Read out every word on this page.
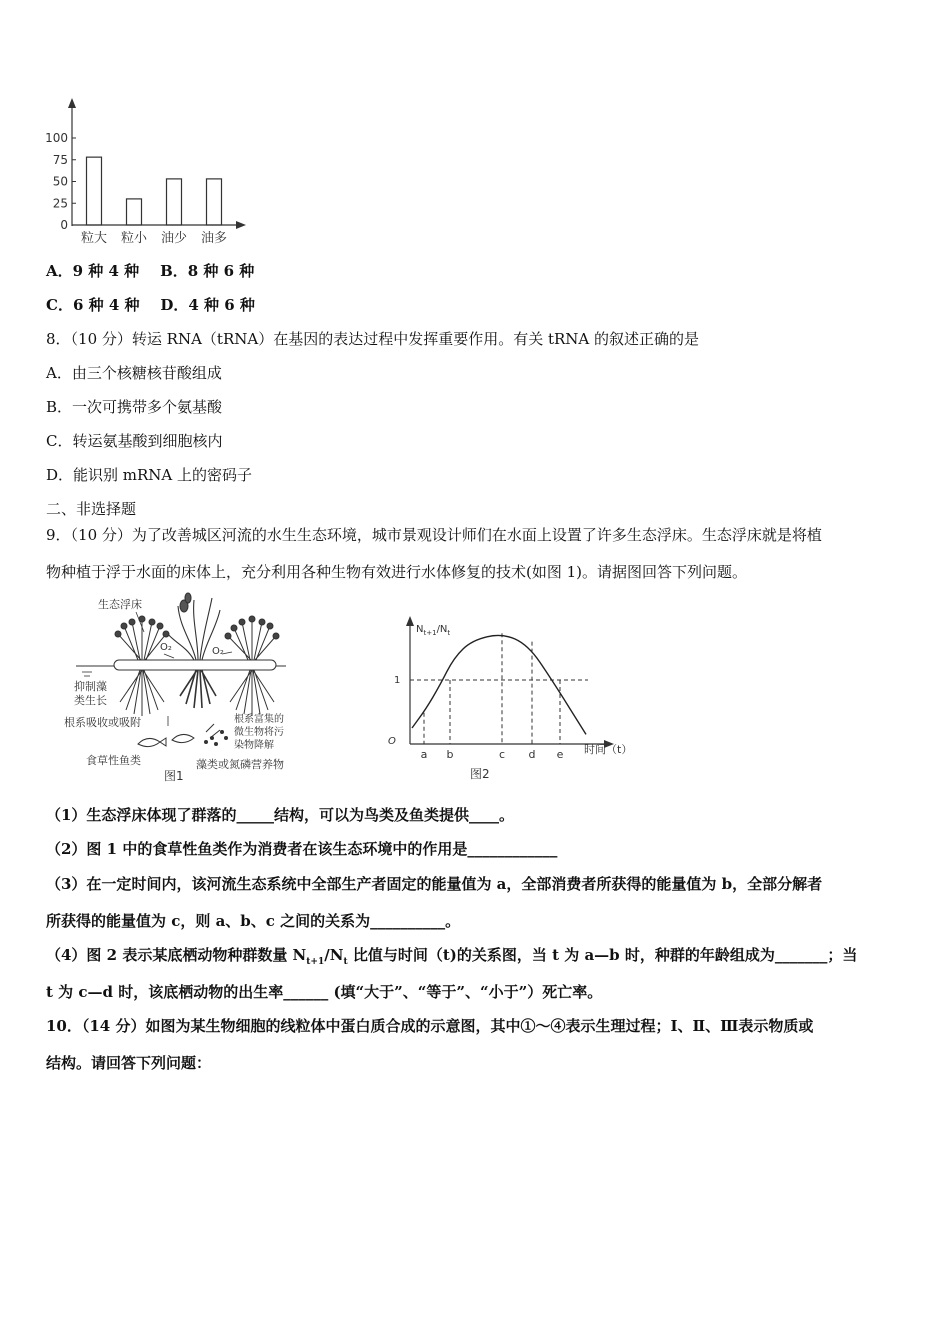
100
75
50
25
0
粒大 粒小 油少 油多
A．9 种 4 种 B．8 种 6 种
C．6 种 4 种 D．4 种 6 种
8．（10 分）转运 RNA（tRNA）在基因的表达过程中发挥重要作用。有关 tRNA 的叙述正确的是
A．由三个核糖核苷酸组成
B．一次可携带多个氨基酸
C．转运氨基酸到细胞核内
D．能识别 mRNA 上的密码子
二、非选择题
9．（10 分）为了改善城区河流的水生生态环境，城市景观设计师们在水面上设置了许多生态浮床。生态浮床就是将植
物种植于浮于水面的床体上，充分利用各种生物有效进行水体修复的技术(如图 1)。请据图回答下列问题。
生态浮床
O₂	O₂
抑制藻
类生长
根系吸收或吸附	根系富集的
微生物将污
染物降解
食草性鱼类	藻类或氮磷营养物
图1
$N_{t+1}/N_t$
O
1
a b	c d e 时间（t）
图2
（1）生态浮床体现了群落的_____结构，可以为鸟类及鱼类提供____。
（2）图 1 中的食草性鱼类作为消费者在该生态环境中的作用是____________
（3）在一定时间内，该河流生态系统中全部生产者固定的能量值为 a，全部消费者所获得的能量值为 b，全部分解者
所获得的能量值为 c，则 a、b、c 之间的关系为__________。
（4）图 2 表示某底栖动物种群数量 $N_{t+1}/N_t$ 比值与时间（t)的关系图，当 t 为 a—b 时，种群的年龄组成为_______；当
t 为 c—d 时，该底栖动物的出生率______ (填“大于”、“等于”、“小于”）死亡率。
10．（14 分）如图为某生物细胞的线粒体中蛋白质合成的示意图，其中①～④表示生理过程；Ⅰ、Ⅱ、Ⅲ表示物质或
结构。请回答下列问题：
